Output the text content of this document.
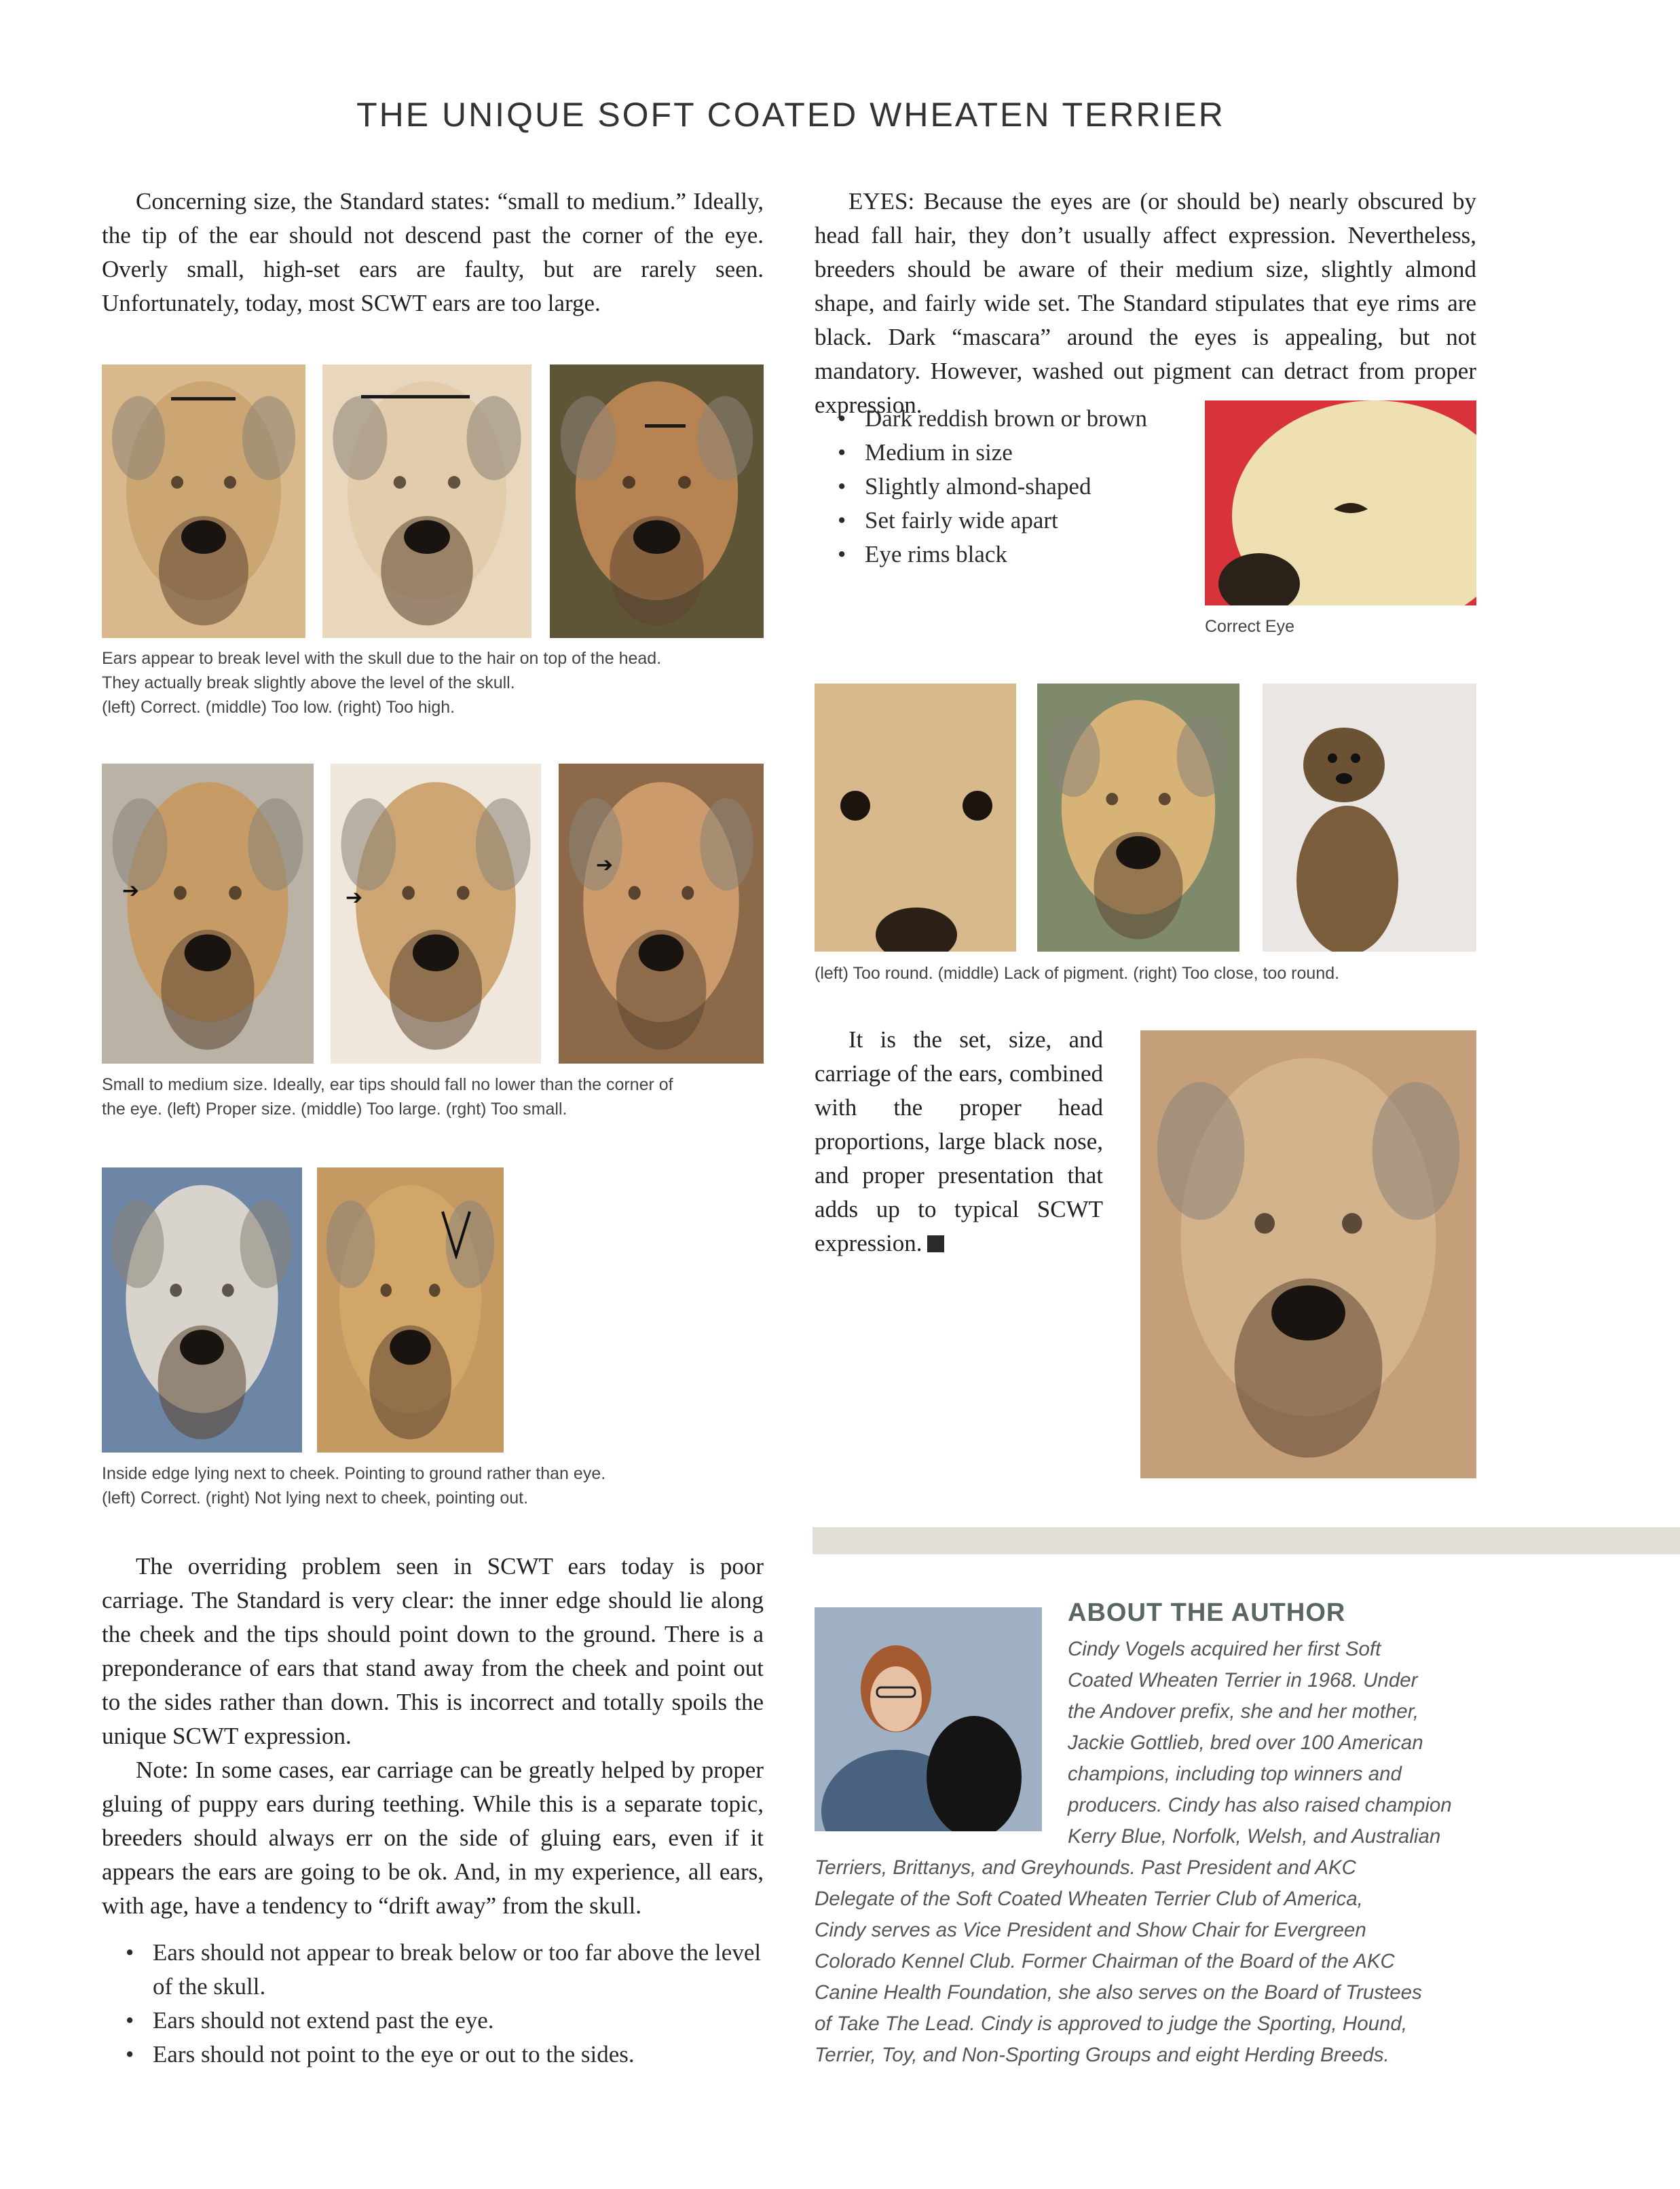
THE UNIQUE SOFT COATED WHEATEN TERRIER

Concerning size, the Standard states: “small to medium.” Ideally, the tip of the ear should not descend past the corner of the eye. Overly small, high-set ears are faulty, but are rarely seen. Unfortunately, today, most SCWT ears are too large.

Ears appear to break level with the skull due to the hair on top of the head.
They actually break slightly above the level of the skull.
(left) Correct. (middle) Too low. (right) Too high.
➔	➔
➔
Small to medium size. Ideally, ear tips should fall no lower than the corner of
the eye. (left) Proper size. (middle) Too large. (rght) Too small.
Inside edge lying next to cheek. Pointing to ground rather than eye.
(left) Correct. (right) Not lying next to cheek, pointing out.

The overriding problem seen in SCWT ears today is poor carriage. The Standard is very clear: the inner edge should lie along the cheek and the tips should point down to the ground. There is a preponderance of ears that stand away from the cheek and point out to the sides rather than down. This is incorrect and totally spoils the unique SCWT expression.

Note: In some cases, ear carriage can be greatly helped by proper gluing of puppy ears during teething. While this is a separate topic, breeders should always err on the side of gluing ears, even if it appears the ears are going to be ok. And, in my experience, all ears, with age, have a tendency to “drift away” from the skull.

• Ears should not appear to break below or too far above the level of the skull.
• Ears should not extend past the eye.
• Ears should not point to the eye or out to the sides.

EYES: Because the eyes are (or should be) nearly obscured by head fall hair, they don’t usually affect expression. Nevertheless, breeders should be aware of their medium size, slightly almond shape, and fairly wide set. The Standard stipulates that eye rims are black. Dark “mascara” around the eyes is appealing, but not mandatory. However, washed out pigment can detract from proper expression.

• Dark reddish brown or brown
• Medium in size
• Slightly almond-shaped
• Set fairly wide apart
• Eye rims black
Correct Eye
(left) Too round. (middle) Lack of pigment. (right) Too close, too round.

It is the set, size, and carriage of the ears, combined with the proper head proportions, large black nose, and proper presentation that adds up to typical SCWT expression.

ABOUT THE AUTHOR
Cindy Vogels acquired her first Soft
Coated Wheaten Terrier in 1968. Under
the Andover prefix, she and her mother,
Jackie Gottlieb, bred over 100 American
champions, including top winners and
producers. Cindy has also raised champion
Kerry Blue, Norfolk, Welsh, and Australian
Terriers, Brittanys, and Greyhounds. Past President and AKC
Delegate of the Soft Coated Wheaten Terrier Club of America,
Cindy serves as Vice President and Show Chair for Evergreen
Colorado Kennel Club. Former Chairman of the Board of the AKC
Canine Health Foundation, she also serves on the Board of Trustees
of Take The Lead. Cindy is approved to judge the Sporting, Hound,
Terrier, Toy, and Non-Sporting Groups and eight Herding Breeds.
